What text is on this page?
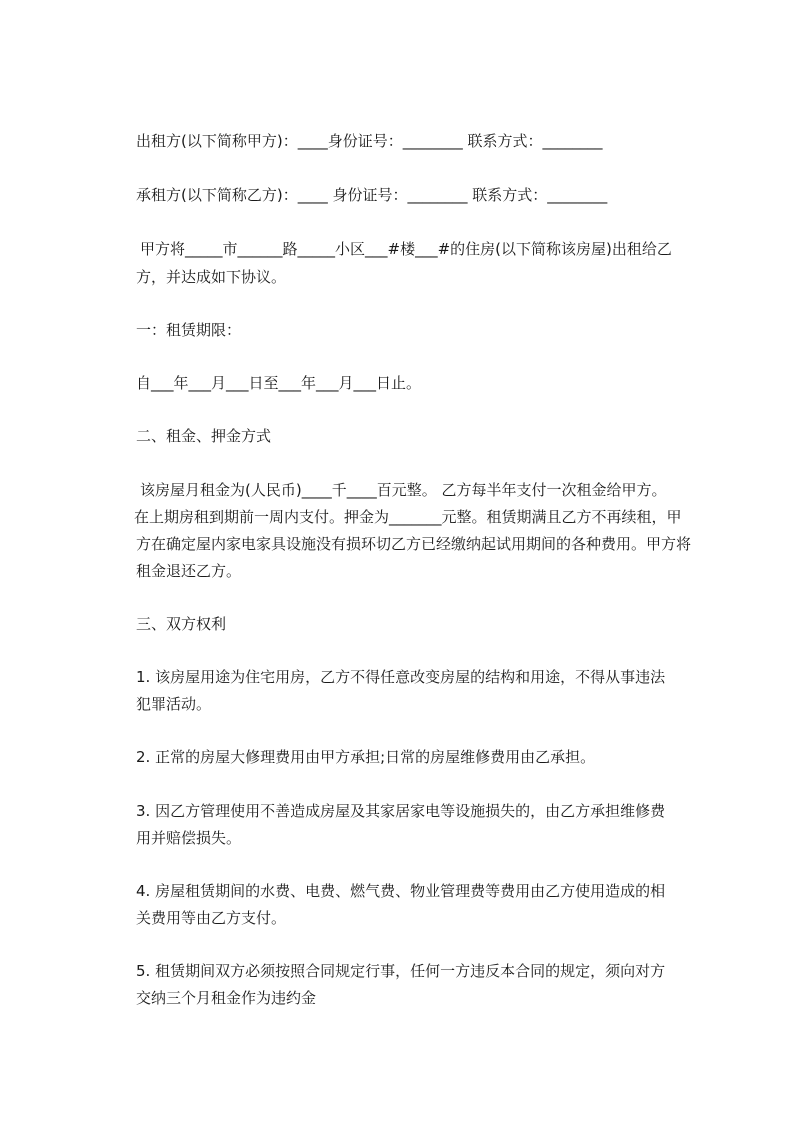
出租方(以下简称甲方)：____身份证号：________ 联系方式：________
承租方(以下简称乙方)：____ 身份证号：________ 联系方式：________
甲方将_____市______路_____小区___#楼___#的住房(以下简称该房屋)出租给乙
方，并达成如下协议。
一：租赁期限：
自___年___月___日至___年___月___日止。
二、租金、押金方式
该房屋月租金为(人民币)____千____百元整。 乙方每半年支付一次租金给甲方。
在上期房租到期前一周内支付。押金为_______元整。租赁期满且乙方不再续租，甲
方在确定屋内家电家具设施没有损环切乙方已经缴纳起试用期间的各种费用。甲方将
租金退还乙方。
三、双方权利
1. 该房屋用途为住宅用房，乙方不得任意改变房屋的结构和用途，不得从事违法
犯罪活动。
2. 正常的房屋大修理费用由甲方承担;日常的房屋维修费用由乙承担。
3. 因乙方管理使用不善造成房屋及其家居家电等设施损失的，由乙方承担维修费
用并赔偿损失。
4. 房屋租赁期间的水费、电费、燃气费、物业管理费等费用由乙方使用造成的相
关费用等由乙方支付。
5. 租赁期间双方必须按照合同规定行事，任何一方违反本合同的规定，须向对方
交纳三个月租金作为违约金
